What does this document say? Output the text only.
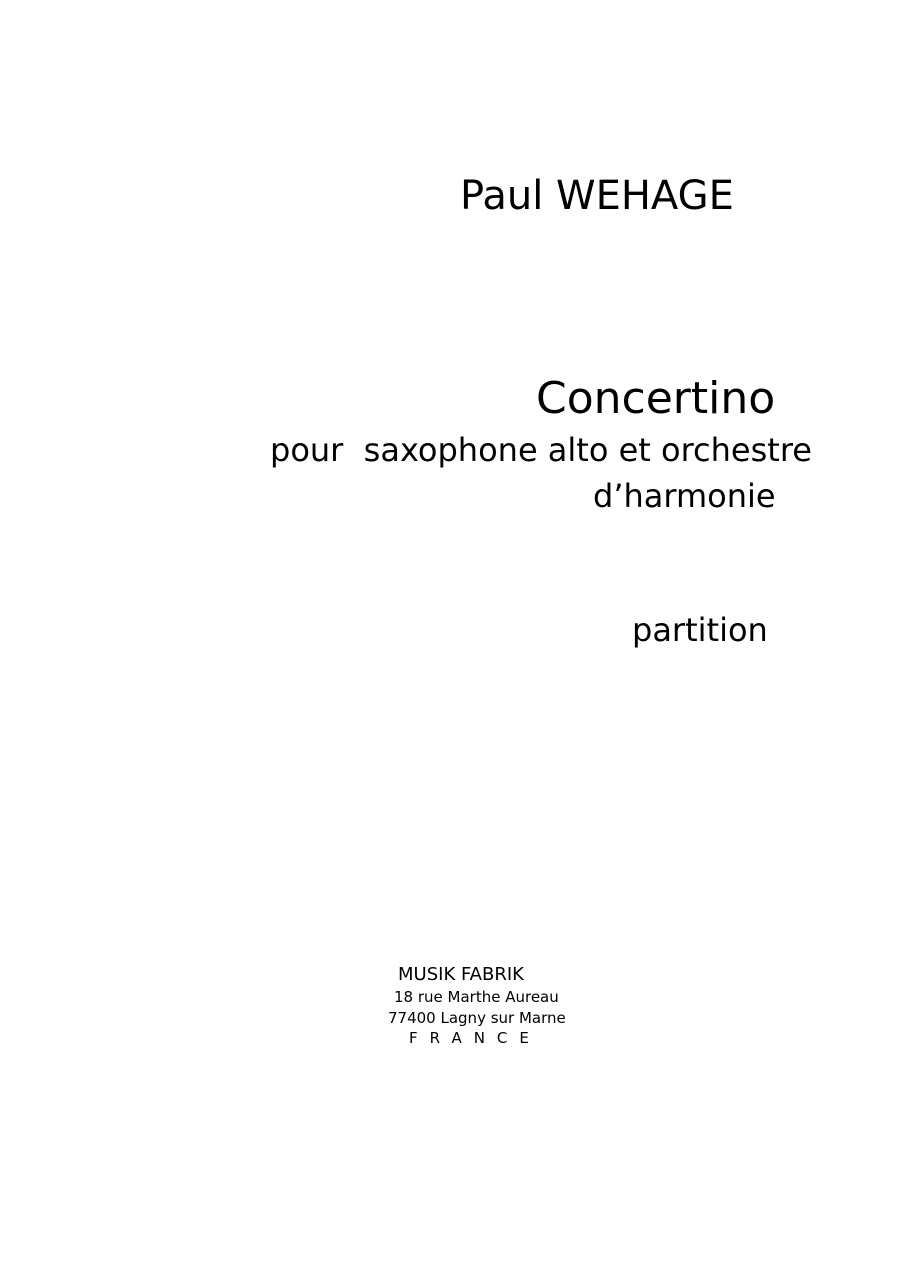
Paul WEHAGE
Concertino
pour  saxophone alto et orchestre
d’harmonie
partition
MUSIK FABRIK
18 rue Marthe Aureau
77400 Lagny sur Marne
FRANCE
